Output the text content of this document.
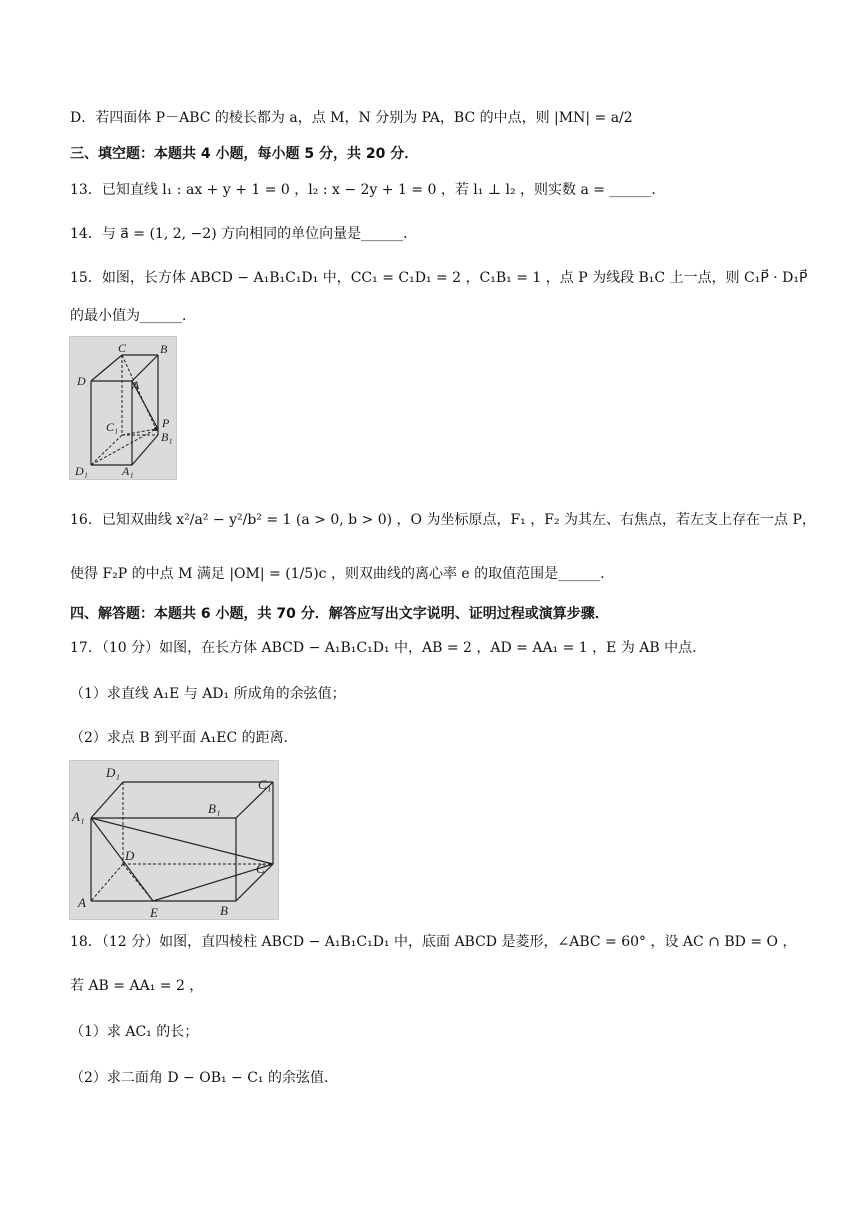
D．若四面体 P－ABC 的棱长都为 a，点 M，N 分别为 PA，BC 的中点，则 |MN| = a/2
三、填空题：本题共 4 小题，每小题 5 分，共 20 分．
13．已知直线 l₁ : ax + y + 1 = 0 ，l₂ : x − 2y + 1 = 0 ，若 l₁ ⊥ l₂ ，则实数 a = ______．
14．与 a⃗ = (1, 2, −2) 方向相同的单位向量是______．
15．如图，长方体 ABCD − A₁B₁C₁D₁ 中，CC₁ = C₁D₁ = 2 ，C₁B₁ = 1 ，点 P 为线段 B₁C 上一点，则 C₁P⃗ · D₁P⃗
的最小值为______．
C	B
D	A
C₁	P
B₁
D₁	A₁
16．已知双曲线 x²/a² − y²/b² = 1 (a > 0, b > 0) ，O 为坐标原点，F₁ ，F₂ 为其左、右焦点，若左支上存在一点 P，
使得 F₂P 的中点 M 满足 |OM| = (1/5)c ，则双曲线的离心率 e 的取值范围是______．
四、解答题：本题共 6 小题，共 70 分．解答应写出文字说明、证明过程或演算步骤．
17．（10 分）如图，在长方体 ABCD − A₁B₁C₁D₁ 中，AB = 2 ，AD = AA₁ = 1 ，E 为 AB 中点．
（1）求直线 A₁E 与 AD₁ 所成角的余弦值；
（2）求点 B 到平面 A₁EC 的距离．
D₁
C₁
B₁
A₁
D
C
A
E	B
18．（12 分）如图，直四棱柱 ABCD − A₁B₁C₁D₁ 中，底面 ABCD 是菱形，∠ABC = 60° ，设 AC ∩ BD = O ，
若 AB = AA₁ = 2 ，
（1）求 AC₁ 的长；
（2）求二面角 D − OB₁ − C₁ 的余弦值．
